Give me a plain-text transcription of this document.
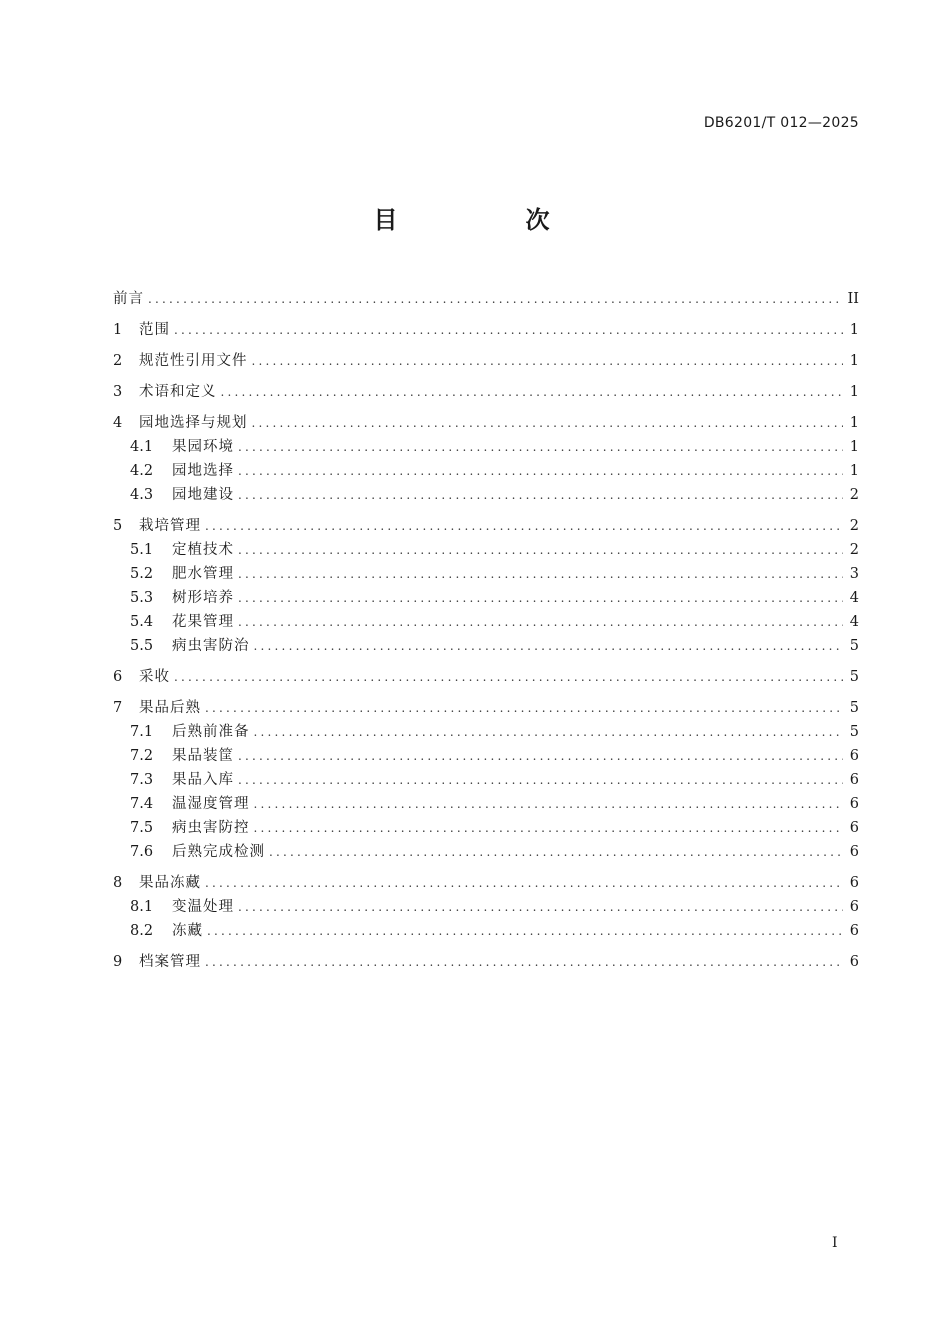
DB6201/T 012—2025
目　次
前言 .....	II
1	范围 .....	1
2	规范性引用文件 .....	1
3	术语和定义 .....	1
4	园地选择与规划 .....	1
4.1	果园环境 .....	1
4.2	园地选择 .....	1
4.3	园地建设 .....	2
5	栽培管理 .....	2
5.1	定植技术 .....	2
5.2	肥水管理 .....	3
5.3	树形培养 .....	4
5.4	花果管理 .....	4
5.5	病虫害防治 .....	5
6	采收 .....	5
7	果品后熟 .....	5
7.1	后熟前准备 .....	5
7.2	果品装筐 .....	6
7.3	果品入库 .....	6
7.4	温湿度管理 .....	6
7.5	病虫害防控 .....	6
7.6	后熟完成检测 .....	6
8	果品冻藏 .....	6
8.1	变温处理 .....	6
8.2	冻藏 .....	6
9	档案管理 .....	6
I
